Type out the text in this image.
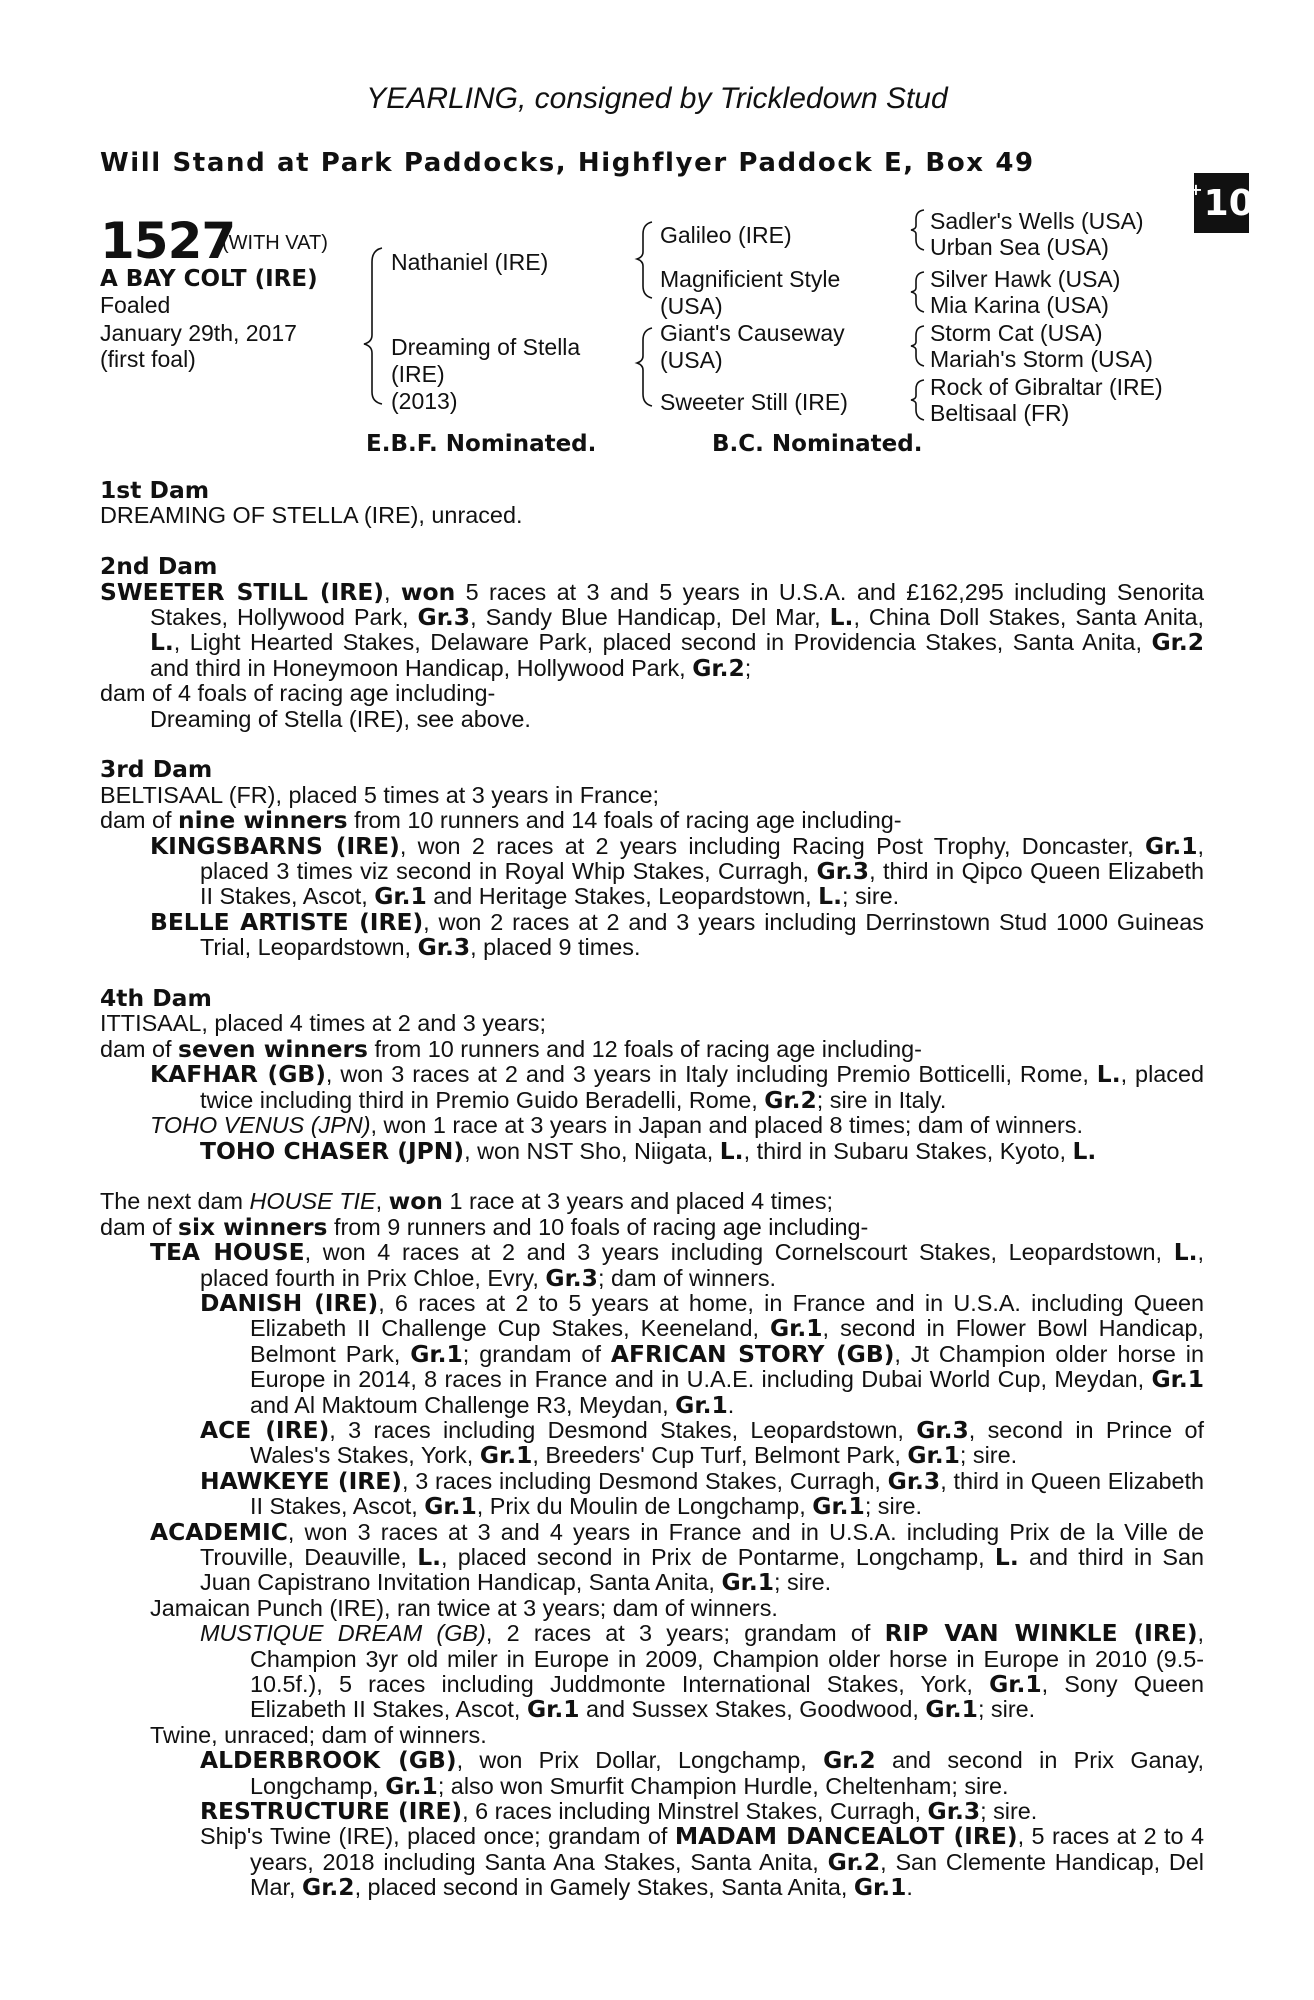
YEARLING, consigned by Trickledown Stud
Will Stand at Park Paddocks, Highflyer Paddock E, Box 49
+ 10
1527
(WITH VAT)
A BAY COLT (IRE)
Foaled
January 29th, 2017
(first foal)
Nathaniel (IRE)
Dreaming of Stella
(IRE)
(2013)
Galileo (IRE)
Magnificient Style
(USA)
Giant's Causeway
(USA)
Sweeter Still (IRE)
Sadler's Wells (USA)
Urban Sea (USA)
Silver Hawk (USA)
Mia Karina (USA)
Storm Cat (USA)
Mariah's Storm (USA)
Rock of Gibraltar (IRE)
Beltisaal (FR)
E.B.F. Nominated.	B.C. Nominated.
1st Dam
DREAMING OF STELLA (IRE), unraced.
2nd Dam
SWEETER STILL (IRE), won 5 races at 3 and 5 years in U.S.A. and £162,295 including Senorita Stakes, Hollywood Park, Gr.3, Sandy Blue Handicap, Del Mar, L., China Doll Stakes, Santa Anita, L., Light Hearted Stakes, Delaware Park, placed second in Providencia Stakes, Santa Anita, Gr.2 and third in Honeymoon Handicap, Hollywood Park, Gr.2;
dam of 4 foals of racing age including-
Dreaming of Stella (IRE), see above.
3rd Dam
BELTISAAL (FR), placed 5 times at 3 years in France;
dam of nine winners from 10 runners and 14 foals of racing age including-
KINGSBARNS (IRE), won 2 races at 2 years including Racing Post Trophy, Doncaster, Gr.1, placed 3 times viz second in Royal Whip Stakes, Curragh, Gr.3, third in Qipco Queen Elizabeth II Stakes, Ascot, Gr.1 and Heritage Stakes, Leopardstown, L.; sire.
BELLE ARTISTE (IRE), won 2 races at 2 and 3 years including Derrinstown Stud 1000 Guineas Trial, Leopardstown, Gr.3, placed 9 times.
4th Dam
ITTISAAL, placed 4 times at 2 and 3 years;
dam of seven winners from 10 runners and 12 foals of racing age including-
KAFHAR (GB), won 3 races at 2 and 3 years in Italy including Premio Botticelli, Rome, L., placed twice including third in Premio Guido Beradelli, Rome, Gr.2; sire in Italy.
TOHO VENUS (JPN), won 1 race at 3 years in Japan and placed 8 times; dam of winners.
TOHO CHASER (JPN), won NST Sho, Niigata, L., third in Subaru Stakes, Kyoto, L.
The next dam HOUSE TIE, won 1 race at 3 years and placed 4 times;
dam of six winners from 9 runners and 10 foals of racing age including-
TEA HOUSE, won 4 races at 2 and 3 years including Cornelscourt Stakes, Leopardstown, L., placed fourth in Prix Chloe, Evry, Gr.3; dam of winners.
DANISH (IRE), 6 races at 2 to 5 years at home, in France and in U.S.A. including Queen Elizabeth II Challenge Cup Stakes, Keeneland, Gr.1, second in Flower Bowl Handicap, Belmont Park, Gr.1; grandam of AFRICAN STORY (GB), Jt Champion older horse in Europe in 2014, 8 races in France and in U.A.E. including Dubai World Cup, Meydan, Gr.1 and Al Maktoum Challenge R3, Meydan, Gr.1.
ACE (IRE), 3 races including Desmond Stakes, Leopardstown, Gr.3, second in Prince of Wales's Stakes, York, Gr.1, Breeders' Cup Turf, Belmont Park, Gr.1; sire.
HAWKEYE (IRE), 3 races including Desmond Stakes, Curragh, Gr.3, third in Queen Elizabeth II Stakes, Ascot, Gr.1, Prix du Moulin de Longchamp, Gr.1; sire.
ACADEMIC, won 3 races at 3 and 4 years in France and in U.S.A. including Prix de la Ville de Trouville, Deauville, L., placed second in Prix de Pontarme, Longchamp, L. and third in San Juan Capistrano Invitation Handicap, Santa Anita, Gr.1; sire.
Jamaican Punch (IRE), ran twice at 3 years; dam of winners.
MUSTIQUE DREAM (GB), 2 races at 3 years; grandam of RIP VAN WINKLE (IRE), Champion 3yr old miler in Europe in 2009, Champion older horse in Europe in 2010 (9.5-10.5f.), 5 races including Juddmonte International Stakes, York, Gr.1, Sony Queen Elizabeth II Stakes, Ascot, Gr.1 and Sussex Stakes, Goodwood, Gr.1; sire.
Twine, unraced; dam of winners.
ALDERBROOK (GB), won Prix Dollar, Longchamp, Gr.2 and second in Prix Ganay, Longchamp, Gr.1; also won Smurfit Champion Hurdle, Cheltenham; sire.
RESTRUCTURE (IRE), 6 races including Minstrel Stakes, Curragh, Gr.3; sire.
Ship's Twine (IRE), placed once; grandam of MADAM DANCEALOT (IRE), 5 races at 2 to 4 years, 2018 including Santa Ana Stakes, Santa Anita, Gr.2, San Clemente Handicap, Del Mar, Gr.2, placed second in Gamely Stakes, Santa Anita, Gr.1.
